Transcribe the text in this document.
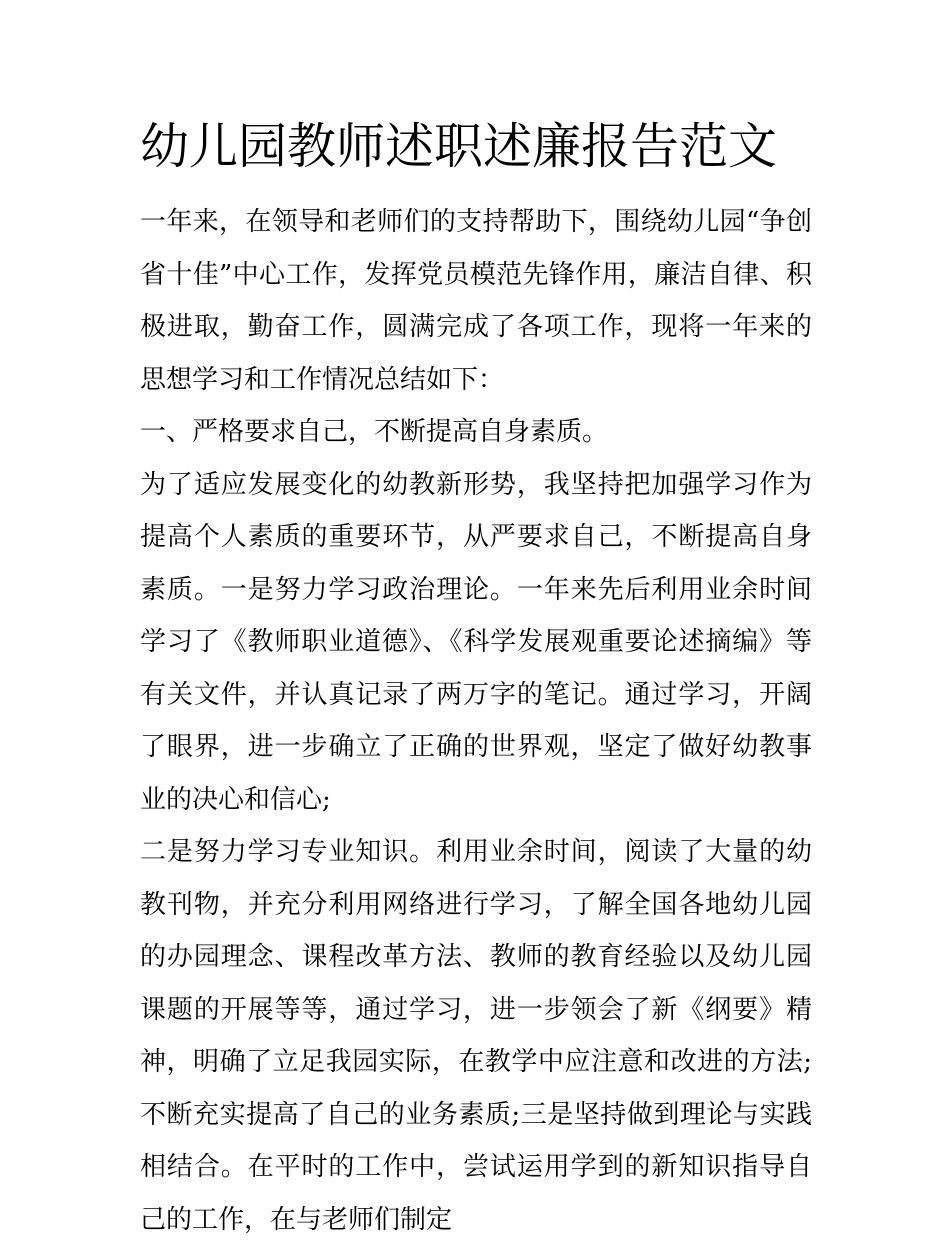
幼儿园教师述职述廉报告范文

一年来，在领导和老师们的支持帮助下，围绕幼儿园“争创省十佳”中心工作，发挥党员模范先锋作用，廉洁自律、积极进取，勤奋工作，圆满完成了各项工作，现将一年来的思想学习和工作情况总结如下：

一、严格要求自己，不断提高自身素质。

为了适应发展变化的幼教新形势，我坚持把加强学习作为提高个人素质的重要环节，从严要求自己，不断提高自身素质。一是努力学习政治理论。一年来先后利用业余时间学习了《教师职业道德》、《科学发展观重要论述摘编》等有关文件，并认真记录了两万字的笔记。通过学习，开阔了眼界，进一步确立了正确的世界观，坚定了做好幼教事业的决心和信心;

二是努力学习专业知识。利用业余时间，阅读了大量的幼教刊物，并充分利用网络进行学习，了解全国各地幼儿园的办园理念、课程改革方法、教师的教育经验以及幼儿园课题的开展等等，通过学习，进一步领会了新《纲要》精神，明确了立足我园实际，在教学中应注意和改进的方法;不断充实提高了自己的业务素质;三是坚持做到理论与实践相结合。在平时的工作中，尝试运用学到的新知识指导自己的工作，在与老师们制定
